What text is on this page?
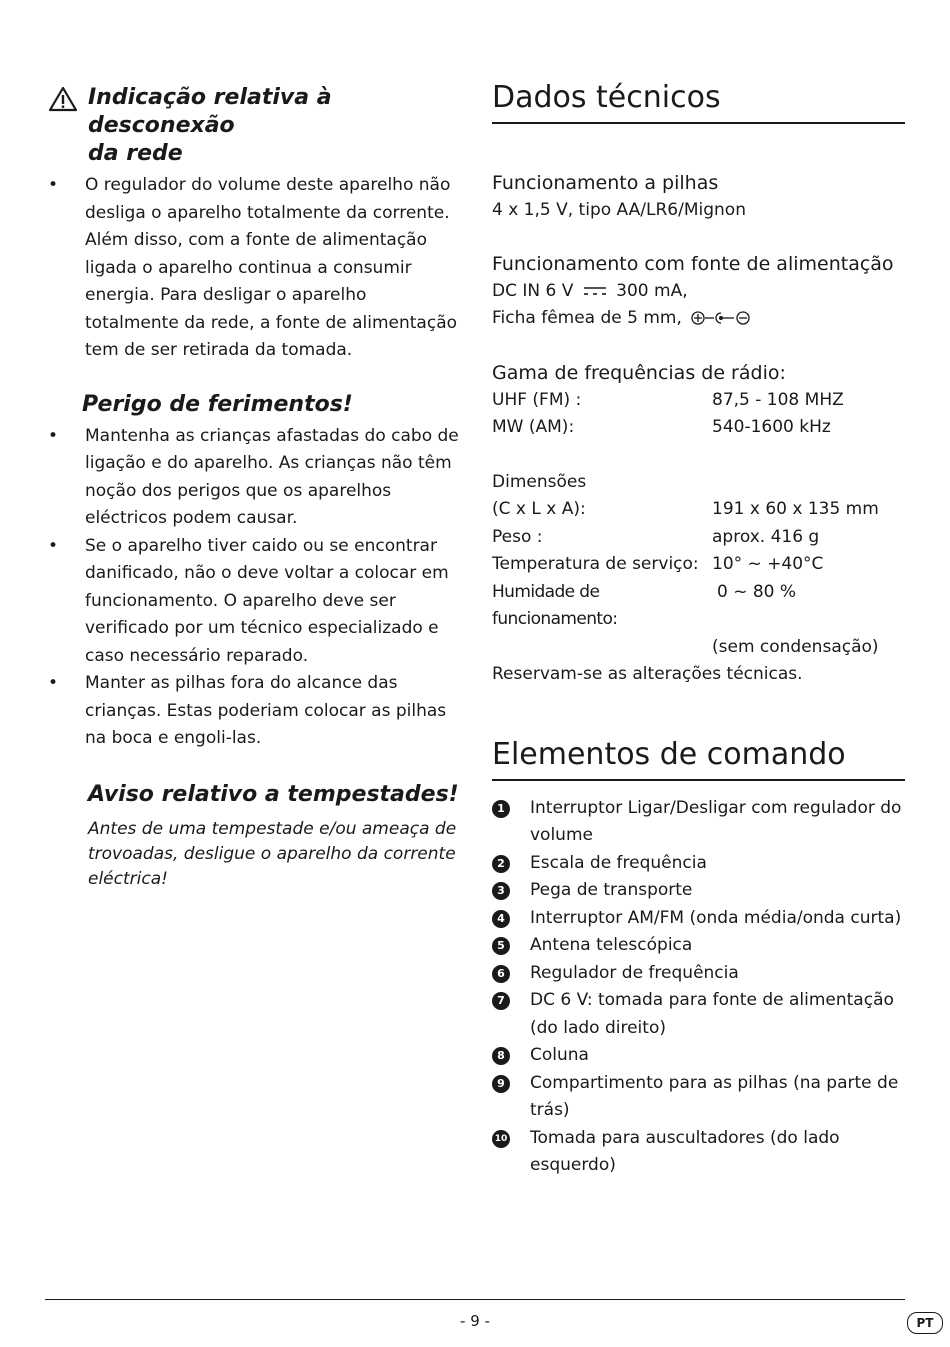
Indicação relativa à desconexão
da rede
• O regulador do volume deste aparelho não desliga o aparelho totalmente da corrente. Além disso, com a fonte de alimentação ligada o aparelho continua a consumir energia. Para desligar o aparelho totalmente da rede, a fonte de alimentação tem de ser retirada da tomada.
Perigo de ferimentos!
• Mantenha as crianças afastadas do cabo de ligação e do aparelho. As crianças não têm noção dos perigos que os aparelhos eléctricos podem causar.
• Se o aparelho tiver caido ou se encontrar danificado, não o deve voltar a colocar em funcionamento. O aparelho deve ser verificado por um técnico especializado e caso necessário reparado.
• Manter as pilhas fora do alcance das crianças. Estas poderiam colocar as pilhas na boca e engoli-las.
Aviso relativo a tempestades!

Antes de uma tempestade e/ou ameaça de trovoadas, desligue o aparelho da corrente eléctrica!

Dados técnicos

Funcionamento a pilhas

4 x 1,5 V, tipo AA/LR6/Mignon

Funcionamento com fonte de alimentação

DC IN 6 V	300 mA,

Ficha fêmea de 5 mm,

Gama de frequências de rádio:

UHF (FM) :	87,5 - 108 MHZ
MW (AM):	540-1600 kHz

Dimensões

(C x L x A):	191 x 60 x 135 mm
Peso :	aprox. 416 g
Temperatura de serviço: 10° ~ +40°C
Humidade de funcionamento:
0 ~ 80 %
(sem condensação)

Reservam-se as alterações técnicas.

Elementos de comando
1	Interruptor Ligar/Desligar com regulador do volume
2	Escala de frequência
3	Pega de transporte
4	Interruptor AM/FM (onda média/onda curta)
5	Antena telescópica
6	Regulador de frequência
7	DC 6 V: tomada para fonte de alimentação (do lado direito)
8	Coluna
9	Compartimento para as pilhas (na parte de trás)
10 Tomada para auscultadores (do lado esquerdo)
- 9 -	PT
